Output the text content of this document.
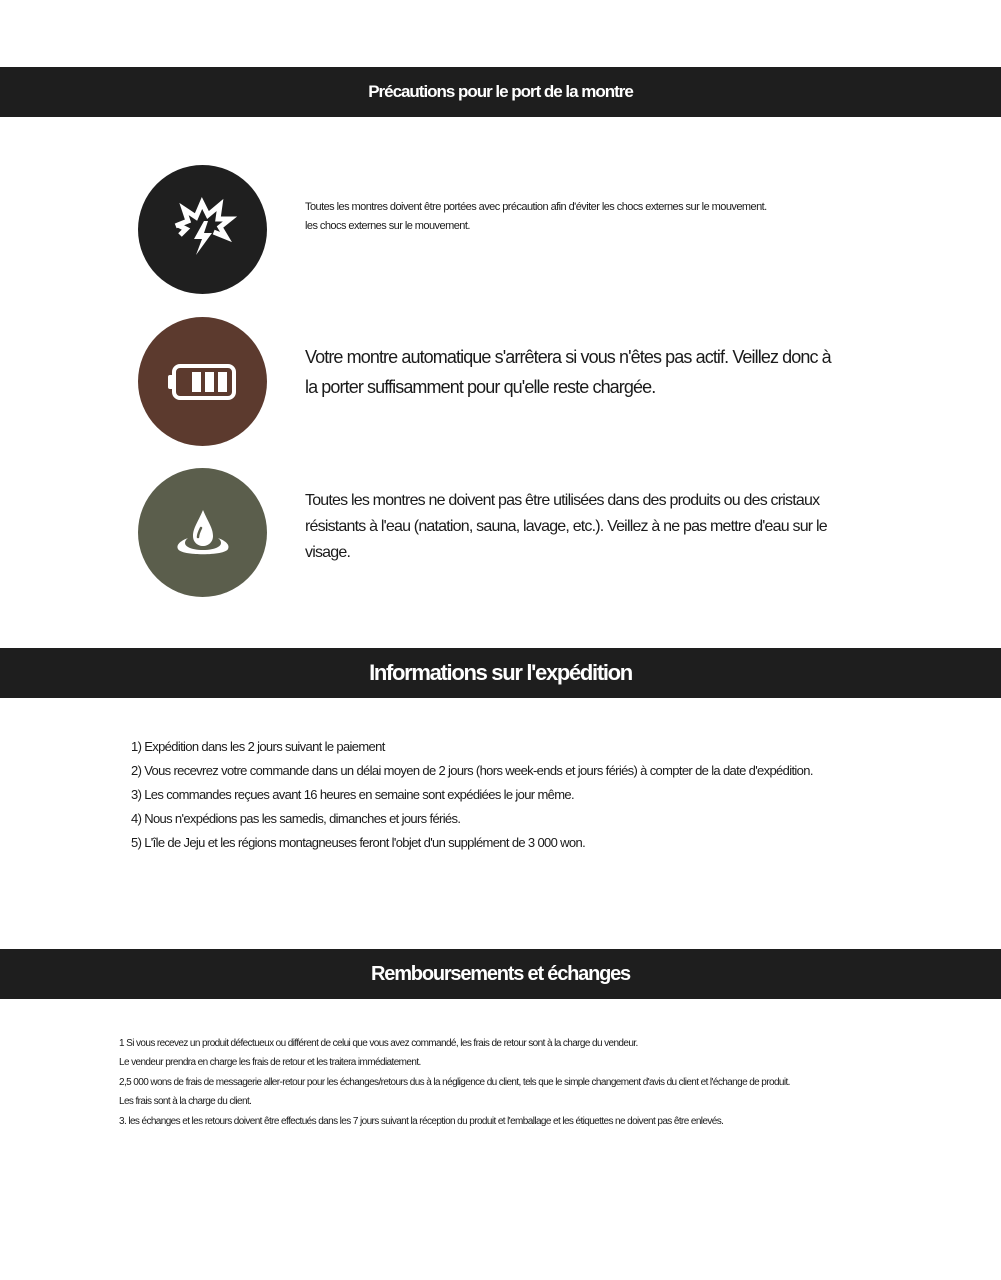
Précautions pour le port de la montre
Toutes les montres doivent être portées avec précaution afin d'éviter les chocs externes sur le mouvement.
les chocs externes sur le mouvement.
Votre montre automatique s'arrêtera si vous n'êtes pas actif. Veillez donc à
la porter suffisamment pour qu'elle reste chargée.
Toutes les montres ne doivent pas être utilisées dans des produits ou des cristaux
résistants à l'eau (natation, sauna, lavage, etc.). Veillez à ne pas mettre d'eau sur le
visage.
Informations sur l'expédition
1) Expédition dans les 2 jours suivant le paiement
2) Vous recevrez votre commande dans un délai moyen de 2 jours (hors week-ends et jours fériés) à compter de la date d'expédition.
3) Les commandes reçues avant 16 heures en semaine sont expédiées le jour même.
4) Nous n'expédions pas les samedis, dimanches et jours fériés.
5) L'île de Jeju et les régions montagneuses feront l'objet d'un supplément de 3 000 won.
Remboursements et échanges
1 Si vous recevez un produit défectueux ou différent de celui que vous avez commandé, les frais de retour sont à la charge du vendeur.
Le vendeur prendra en charge les frais de retour et les traitera immédiatement.
2,5 000 wons de frais de messagerie aller-retour pour les échanges/retours dus à la négligence du client, tels que le simple changement d'avis du client et l'échange de produit.
Les frais sont à la charge du client.
3. les échanges et les retours doivent être effectués dans les 7 jours suivant la réception du produit et l'emballage et les étiquettes ne doivent pas être enlevés.
